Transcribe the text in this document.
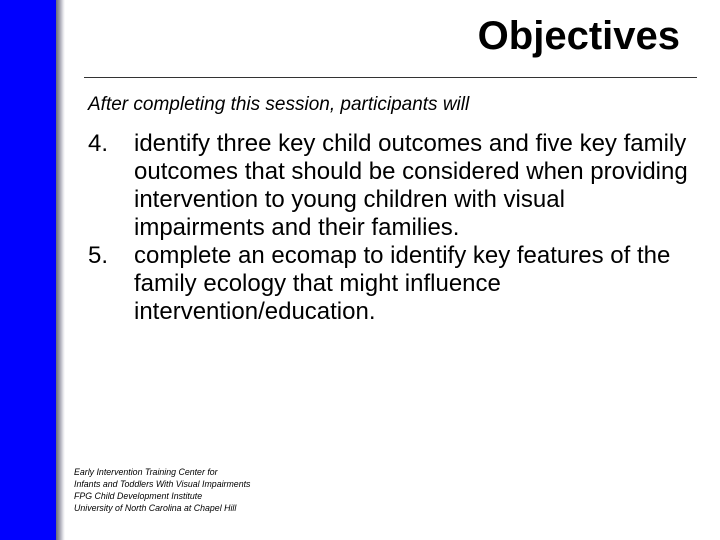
Objectives
After completing this session, participants will
4.	identify three key child outcomes and five key family outcomes that should be considered when providing intervention to young children with visual impairments and their families.
5.	complete an ecomap to identify key features of the family ecology that might influence intervention/education.
Early Intervention Training Center for
Infants and Toddlers With Visual Impairments
FPG Child Development Institute
University of North Carolina at Chapel Hill
